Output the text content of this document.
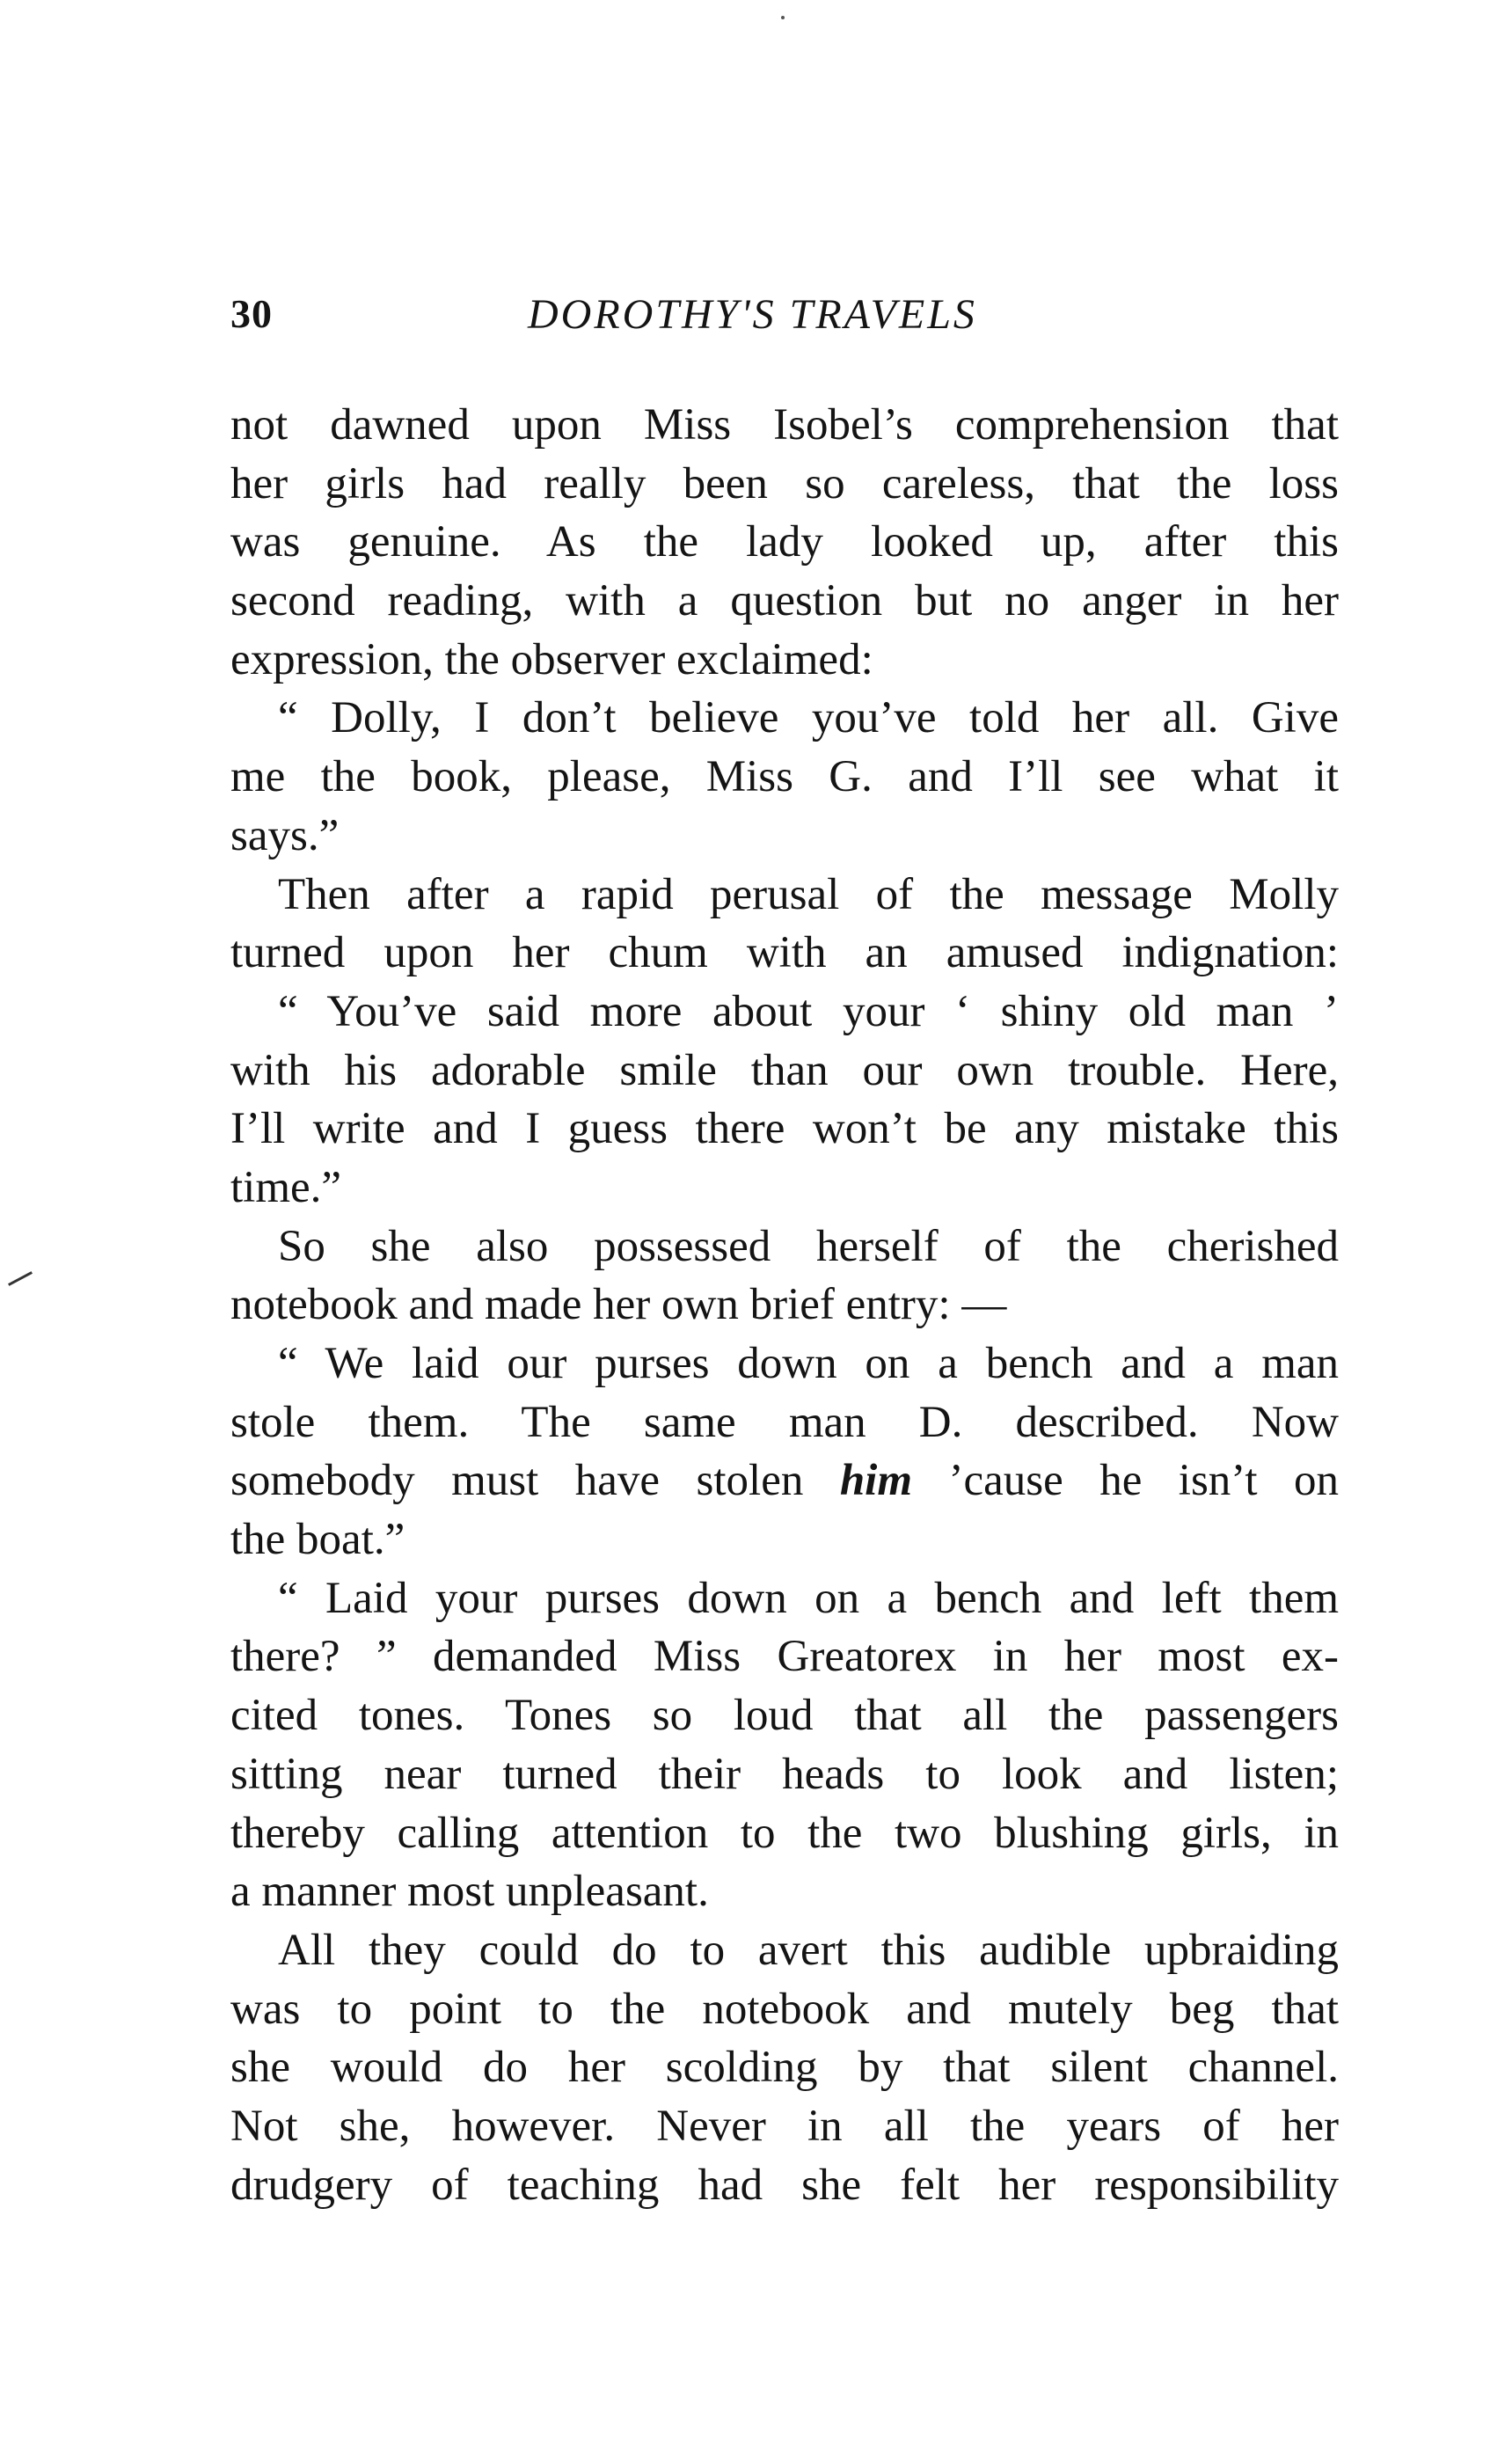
30	DOROTHY'S TRAVELS
not dawned upon Miss Isobel’s comprehension that
her girls had really been so careless, that the loss
was genuine. As the lady looked up, after this
second reading, with a question but no anger in her
expression, the observer exclaimed:
“ Dolly, I don’t believe you’ve told her all. Give
me the book, please, Miss G. and I’ll see what it
says.”
Then after a rapid perusal of the message Molly
turned upon her chum with an amused indignation:
“ You’ve said more about your ‘ shiny old man ’
with his adorable smile than our own trouble. Here,
I’ll write and I guess there won’t be any mistake this
time.”
So she also possessed herself of the cherished
notebook and made her own brief entry: —
“ We laid our purses down on a bench and a man
stole them. The same man D. described. Now
somebody must have stolen him ’cause he isn’t on
the boat.”
“ Laid your purses down on a bench and left them
there? ” demanded Miss Greatorex in her most ex-
cited tones. Tones so loud that all the passengers
sitting near turned their heads to look and listen;
thereby calling attention to the two blushing girls, in
a manner most unpleasant.
All they could do to avert this audible upbraiding
was to point to the notebook and mutely beg that
she would do her scolding by that silent channel.
Not she, however. Never in all the years of her
drudgery of teaching had she felt her responsibility
